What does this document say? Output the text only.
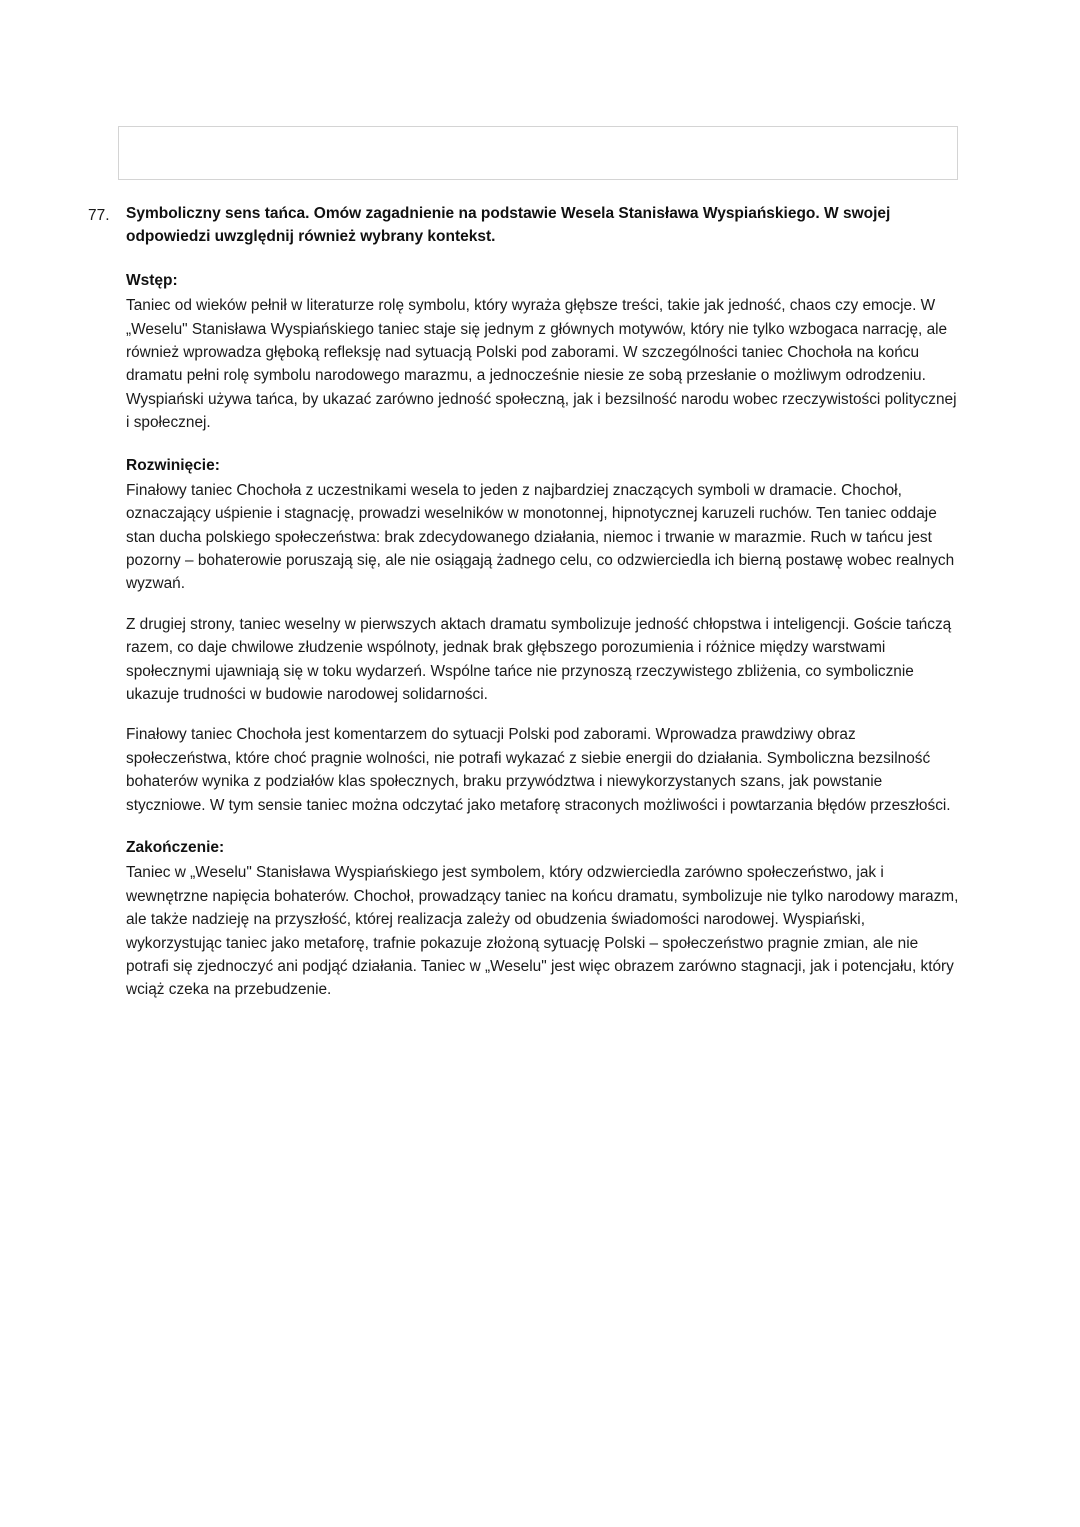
77.	Symboliczny sens tańca. Omów zagadnienie na podstawie Wesela Stanisława Wyspiańskiego. W swojej odpowiedzi uwzględnij również wybrany kontekst.

Wstęp:

Taniec od wieków pełnił w literaturze rolę symbolu, który wyraża głębsze treści, takie jak jedność, chaos czy emocje. W „Weselu" Stanisława Wyspiańskiego taniec staje się jednym z głównych motywów, który nie tylko wzbogaca narrację, ale również wprowadza głęboką refleksję nad sytuacją Polski pod zaborami. W szczególności taniec Chochoła na końcu dramatu pełni rolę symbolu narodowego marazmu, a jednocześnie niesie ze sobą przesłanie o możliwym odrodzeniu. Wyspiański używa tańca, by ukazać zarówno jedność społeczną, jak i bezsilność narodu wobec rzeczywistości politycznej i społecznej.

Rozwinięcie:

Finałowy taniec Chochoła z uczestnikami wesela to jeden z najbardziej znaczących symboli w dramacie. Chochoł, oznaczający uśpienie i stagnację, prowadzi weselników w monotonnej, hipnotycznej karuzeli ruchów. Ten taniec oddaje stan ducha polskiego społeczeństwa: brak zdecydowanego działania, niemoc i trwanie w marazmie. Ruch w tańcu jest pozorny – bohaterowie poruszają się, ale nie osiągają żadnego celu, co odzwierciedla ich bierną postawę wobec realnych wyzwań.

Z drugiej strony, taniec weselny w pierwszych aktach dramatu symbolizuje jedność chłopstwa i inteligencji. Goście tańczą razem, co daje chwilowe złudzenie wspólnoty, jednak brak głębszego porozumienia i różnice między warstwami społecznymi ujawniają się w toku wydarzeń. Wspólne tańce nie przynoszą rzeczywistego zbliżenia, co symbolicznie ukazuje trudności w budowie narodowej solidarności.

Finałowy taniec Chochoła jest komentarzem do sytuacji Polski pod zaborami. Wprowadza prawdziwy obraz społeczeństwa, które choć pragnie wolności, nie potrafi wykazać z siebie energii do działania. Symboliczna bezsilność bohaterów wynika z podziałów klas społecznych, braku przywództwa i niewykorzystanych szans, jak powstanie styczniowe. W tym sensie taniec można odczytać jako metaforę straconych możliwości i powtarzania błędów przeszłości.

Zakończenie:

Taniec w „Weselu" Stanisława Wyspiańskiego jest symbolem, który odzwierciedla zarówno społeczeństwo, jak i wewnętrzne napięcia bohaterów. Chochoł, prowadzący taniec na końcu dramatu, symbolizuje nie tylko narodowy marazm, ale także nadzieję na przyszłość, której realizacja zależy od obudzenia świadomości narodowej. Wyspiański, wykorzystując taniec jako metaforę, trafnie pokazuje złożoną sytuację Polski – społeczeństwo pragnie zmian, ale nie potrafi się zjednoczyć ani podjąć działania. Taniec w „Weselu" jest więc obrazem zarówno stagnacji, jak i potencjału, który wciąż czeka na przebudzenie.
